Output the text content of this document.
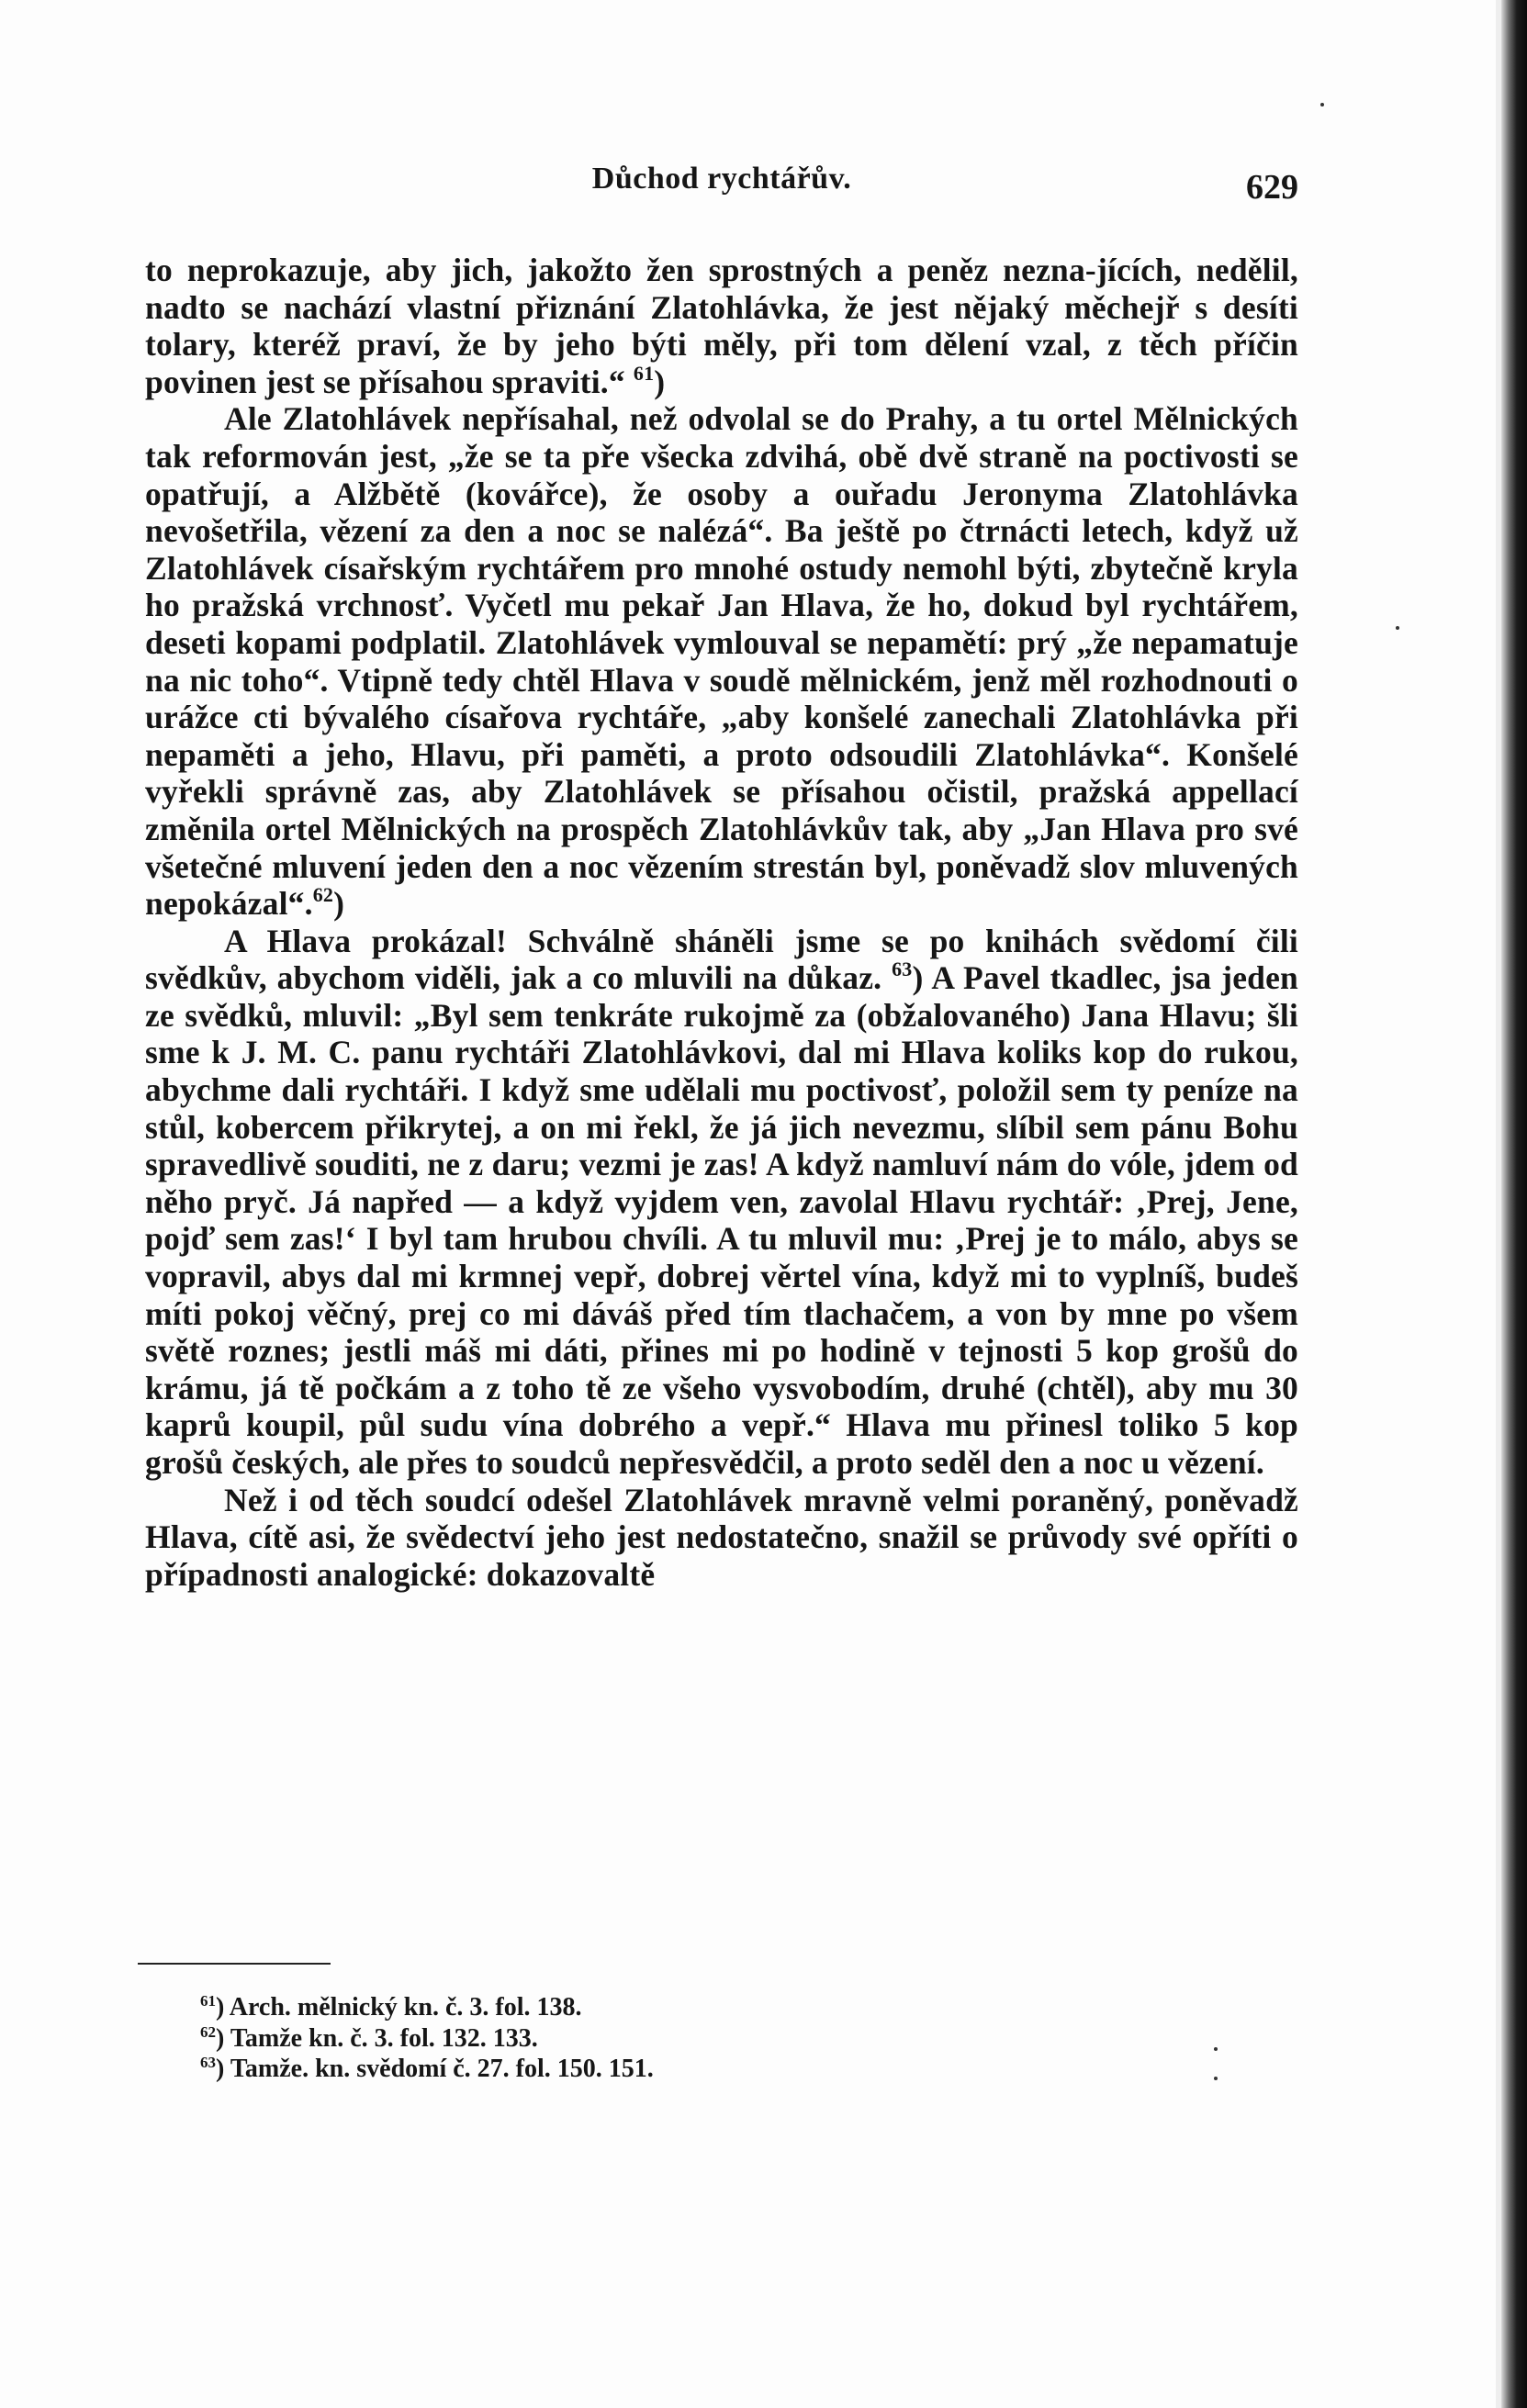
Důchod rychtářův.	629

to neprokazuje, aby jich, jakožto žen sprostných a peněz nezna-jících, nedělil, nadto se nachází vlastní přiznání Zlatohlávka, že jest nějaký měchejř s desíti tolary, kteréž praví, že by jeho býti měly, při tom dělení vzal, z těch příčin povinen jest se přísahou spraviti.“ $^{61}$)

Ale Zlatohlávek nepřísahal, než odvolal se do Prahy, a tu ortel Mělnických tak reformován jest, „že se ta pře všecka zdvihá, obě dvě straně na poctivosti se opatřují, a Alžbětě (kovářce), že osoby a ouřadu Jeronyma Zlatohlávka nevošetřila, vězení za den a noc se nalézá“. Ba ještě po čtrnácti letech, když už Zlatohlávek císařským rychtářem pro mnohé ostudy nemohl býti, zbytečně kryla ho pražská vrchnosť. Vyčetl mu pekař Jan Hlava, že ho, dokud byl rychtářem, deseti kopami podplatil. Zlatohlávek vymlouval se nepamětí: prý „že nepamatuje na nic toho“. Vtipně tedy chtěl Hlava v soudě mělnickém, jenž měl rozhodnouti o urážce cti bývalého císařova rychtáře, „aby konšelé zanechali Zlatohlávka při nepaměti a jeho, Hlavu, při paměti, a proto odsoudili Zlatohlávka“. Konšelé vyřekli správně zas, aby Zlatohlávek se přísahou očistil, pražská appellací změnila ortel Mělnických na prospěch Zlatohlávkův tak, aby „Jan Hlava pro své všetečné mluvení jeden den a noc vězením strestán byl, poněvadž slov mluvených nepokázal“.$^{62}$)

A Hlava prokázal! Schválně sháněli jsme se po knihách svědomí čili svědkův, abychom viděli, jak a co mluvili na důkaz. $^{63}$) A Pavel tkadlec, jsa jeden ze svědků, mluvil: „Byl sem tenkráte rukojmě za (obžalovaného) Jana Hlavu; šli sme k J. M. C. panu rychtáři Zlatohlávkovi, dal mi Hlava koliks kop do rukou, abychme dali rychtáři. I když sme udělali mu poctivosť, položil sem ty peníze na stůl, kobercem přikrytej, a on mi řekl, že já jich nevezmu, slíbil sem pánu Bohu spravedlivě souditi, ne z daru; vezmi je zas! A když namluví nám do vóle, jdem od něho pryč. Já napřed — a když vyjdem ven, zavolal Hlavu rychtář: ‚Prej, Jene, pojď sem zas!‘ I byl tam hrubou chvíli. A tu mluvil mu: ‚Prej je to málo, abys se vopravil, abys dal mi krmnej vepř, dobrej věrtel vína, když mi to vyplníš, budeš míti pokoj věčný, prej co mi dáváš před tím tlachačem, a von by mne po všem světě roznes; jestli máš mi dáti, přines mi po hodině v tejnosti 5 kop grošů do krámu, já tě počkám a z toho tě ze všeho vysvobodím, druhé (chtěl), aby mu 30 kaprů koupil, půl sudu vína dobrého a vepř.“ Hlava mu přinesl toliko 5 kop grošů českých, ale přes to soudců nepřesvědčil, a proto seděl den a noc u vězení.

Než i od těch soudcí odešel Zlatohlávek mravně velmi poraněný, poněvadž Hlava, cítě asi, že svědectví jeho jest nedostatečno, snažil se průvody své opříti o případnosti analogické: dokazovaltě

$^{61}$) Arch. mělnický kn. č. 3. fol. 138.

$^{62}$) Tamže kn. č. 3. fol. 132. 133.

$^{63}$) Tamže. kn. svědomí č. 27. fol. 150. 151.
